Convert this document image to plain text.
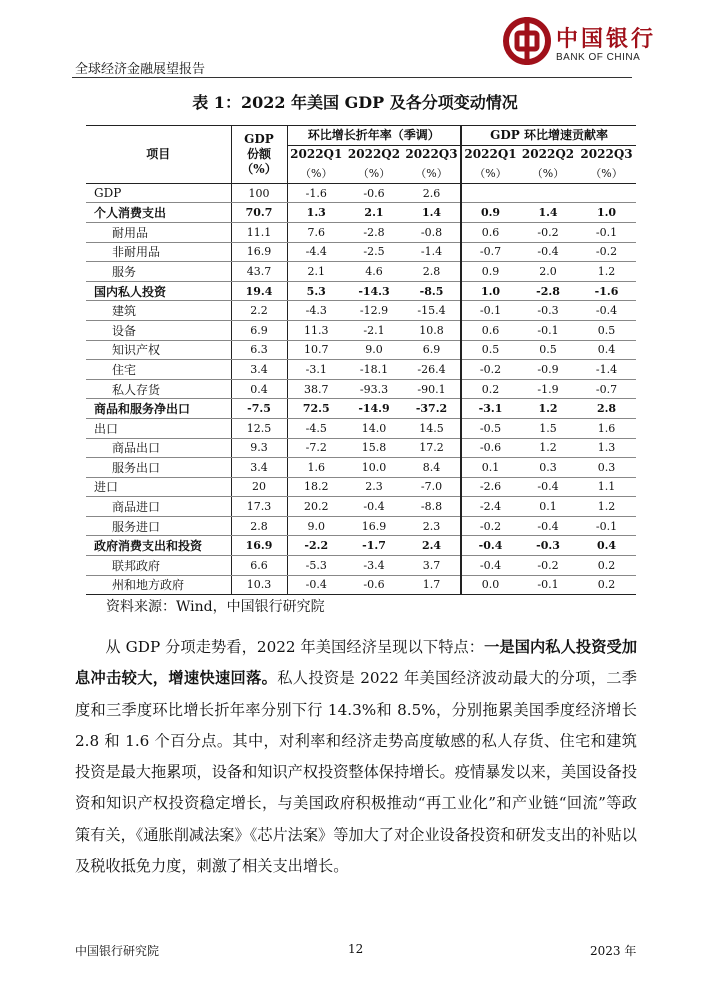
全球经济金融展望报告
中国银行
BANK OF CHINA
表 1：2022 年美国 GDP 及各分项变动情况
项目	GDP
份额
（%）	环比增长折年率（季调）			GDP 环比增速贡献率		
		2022Q1	2022Q2	2022Q3	2022Q1	2022Q2	2022Q3
		（%）	（%）	（%）	（%）	（%）	（%）
GDP	100	-1.6	-0.6	2.6			
个人消费支出	70.7	1.3	2.1	1.4	0.9	1.4	1.0
耐用品	11.1	7.6	-2.8	-0.8	0.6	-0.2	-0.1
非耐用品	16.9	-4.4	-2.5	-1.4	-0.7	-0.4	-0.2
服务	43.7	2.1	4.6	2.8	0.9	2.0	1.2
国内私人投资	19.4	5.3	-14.3	-8.5	1.0	-2.8	-1.6
建筑	2.2	-4.3	-12.9	-15.4	-0.1	-0.3	-0.4
设备	6.9	11.3	-2.1	10.8	0.6	-0.1	0.5
知识产权	6.3	10.7	9.0	6.9	0.5	0.5	0.4
住宅	3.4	-3.1	-18.1	-26.4	-0.2	-0.9	-1.4
私人存货	0.4	38.7	-93.3	-90.1	0.2	-1.9	-0.7
商品和服务净出口	-7.5	72.5	-14.9	-37.2	-3.1	1.2	2.8
出口	12.5	-4.5	14.0	14.5	-0.5	1.5	1.6
商品出口	9.3	-7.2	15.8	17.2	-0.6	1.2	1.3
服务出口	3.4	1.6	10.0	8.4	0.1	0.3	0.3
进口	20	18.2	2.3	-7.0	-2.6	-0.4	1.1
商品进口	17.3	20.2	-0.4	-8.8	-2.4	0.1	1.2
服务进口	2.8	9.0	16.9	2.3	-0.2	-0.4	-0.1
政府消费支出和投资	16.9	-2.2	-1.7	2.4	-0.4	-0.3	0.4
联邦政府	6.6	-5.3	-3.4	3.7	-0.4	-0.2	0.2
州和地方政府	10.3	-0.4	-0.6	1.7	0.0	-0.1	0.2
资料来源：Wind，中国银行研究院
从 GDP 分项走势看，2022 年美国经济呈现以下特点：一是国内私人投资受加息冲击较大，增速快速回落。私人投资是 2022 年美国经济波动最大的分项，二季度和三季度环比增长折年率分别下行 14.3%和 8.5%，分别拖累美国季度经济增长 2.8 和 1.6 个百分点。其中，对利率和经济走势高度敏感的私人存货、住宅和建筑投资是最大拖累项，设备和知识产权投资整体保持增长。疫情暴发以来，美国设备投资和知识产权投资稳定增长，与美国政府积极推动“再工业化”和产业链“回流”等政策有关，《通胀削减法案》《芯片法案》等加大了对企业设备投资和研发支出的补贴以及税收抵免力度，刺激了相关支出增长。
中国银行研究院	12	2023 年
